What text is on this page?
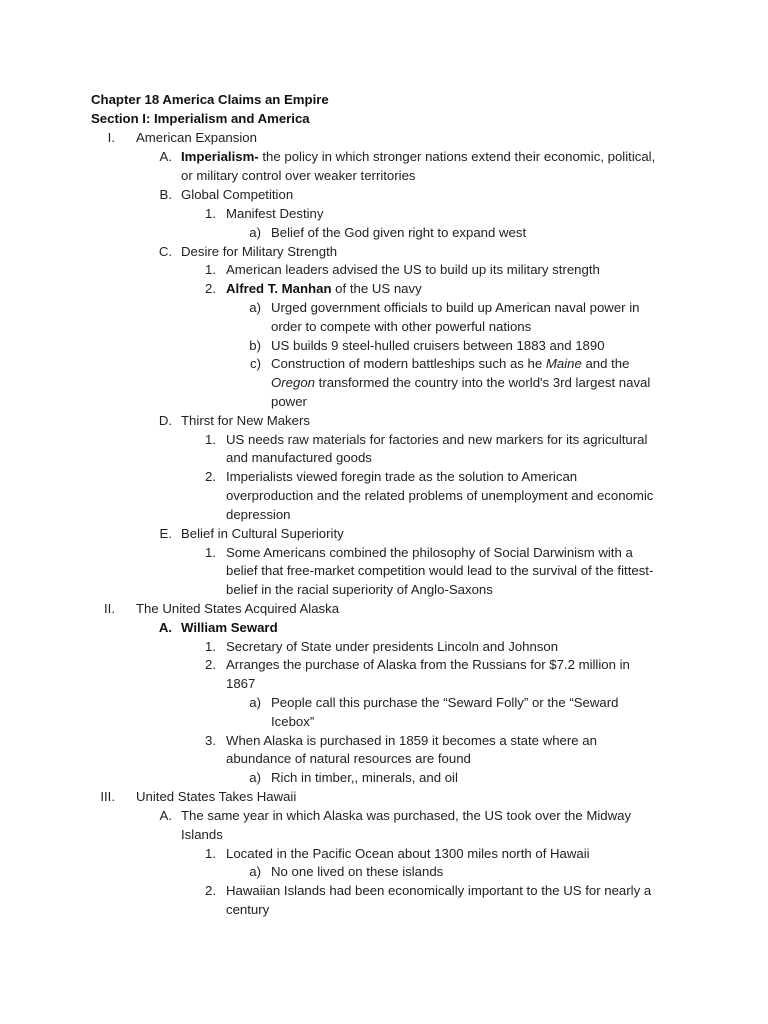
Chapter 18 America Claims an Empire
Section I: Imperialism and America
I. American Expansion
A. Imperialism- the policy in which stronger nations extend their economic, political,
or military control over weaker territories
B. Global Competition
1. Manifest Destiny
a) Belief of the God given right to expand west
C. Desire for Military Strength
1. American leaders advised the US to build up its military strength
2. Alfred T. Manhan of the US navy
a) Urged government officials to build up American naval power in
order to compete with other powerful nations
b) US builds 9 steel-hulled cruisers between 1883 and 1890
c) Construction of modern battleships such as he Maine and the
Oregon transformed the country into the world's 3rd largest naval
power
D. Thirst for New Makers
1. US needs raw materials for factories and new markers for its agricultural
and manufactured goods
2. Imperialists viewed foregin trade as the solution to American
overproduction and the related problems of unemployment and economic
depression
E. Belief in Cultural Superiority
1. Some Americans combined the philosophy of Social Darwinism with a
belief that free-market competition would lead to the survival of the fittest-
belief in the racial superiority of Anglo-Saxons
II. The United States Acquired Alaska
A. William Seward
1. Secretary of State under presidents Lincoln and Johnson
2. Arranges the purchase of Alaska from the Russians for $7.2 million in
1867
a) People call this purchase the “Seward Folly” or the “Seward
Icebox”
3. When Alaska is purchased in 1859 it becomes a state where an
abundance of natural resources are found
a) Rich in timber,, minerals, and oil
III. United States Takes Hawaii
A. The same year in which Alaska was purchased, the US took over the Midway
Islands
1. Located in the Pacific Ocean about 1300 miles north of Hawaii
a) No one lived on these islands
2. Hawaiian Islands had been economically important to the US for nearly a
century
